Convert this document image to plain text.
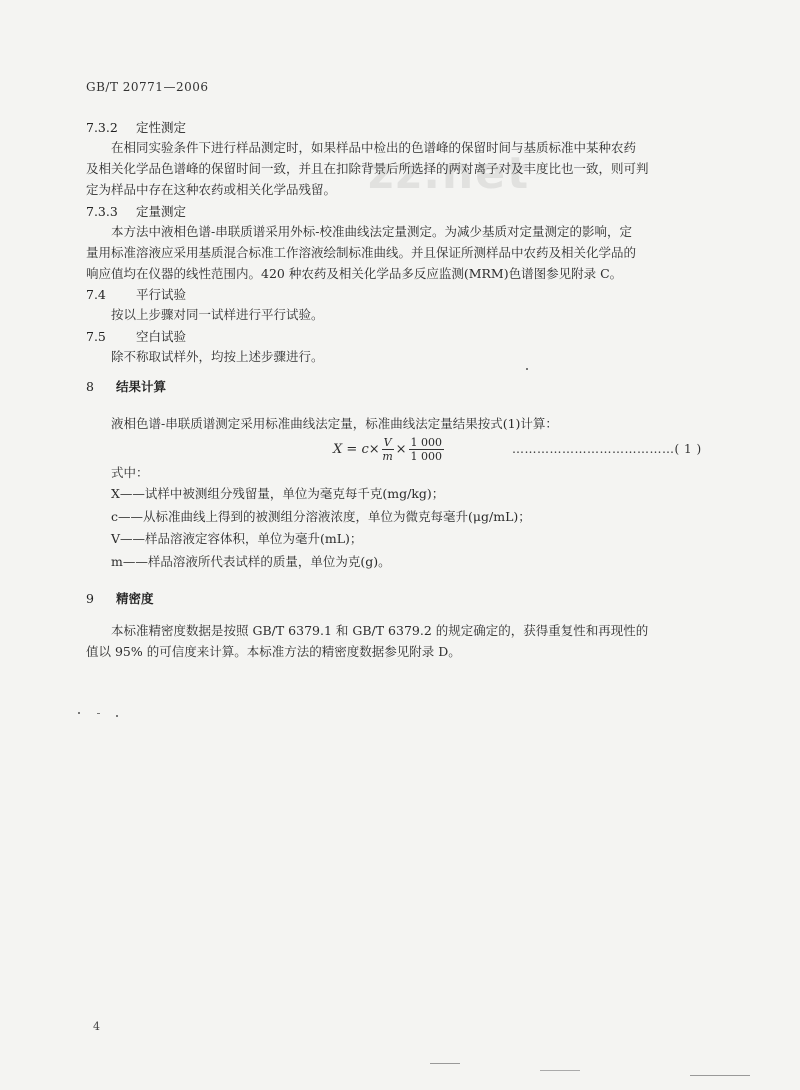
zz.net
GB/T 20771—2006
7.3.2 定性测定

在相同实验条件下进行样品测定时，如果样品中检出的色谱峰的保留时间与基质标准中某种农药

及相关化学品色谱峰的保留时间一致，并且在扣除背景后所选择的两对离子对及丰度比也一致，则可判

定为样品中存在这种农药或相关化学品残留。

7.3.3 定量测定

本方法中液相色谱-串联质谱采用外标-校准曲线法定量测定。为减少基质对定量测定的影响，定

量用标准溶液应采用基质混合标准工作溶液绘制标准曲线。并且保证所测样品中农药及相关化学品的

响应值均在仪器的线性范围内。420 种农药及相关化学品多反应监测(MRM)色谱图参见附录 C。

7.4 平行试验

按以上步骤对同一试样进行平行试验。

7.5 空白试验

除不称取试样外，均按上述步骤进行。

8 结果计算

液相色谱-串联质谱测定采用标准曲线法定量，标准曲线法定量结果按式(1)计算：

$X = c\times \frac{V}{m} \times \frac{1 000}{1 000}$	…………………………………( 1 )

式中：

X——试样中被测组分残留量，单位为毫克每千克(mg/kg)；

c——从标准曲线上得到的被测组分溶液浓度，单位为微克每毫升(μg/mL)；

V——样品溶液定容体积，单位为毫升(mL)；

m——样品溶液所代表试样的质量，单位为克(g)。

9 精密度

本标准精密度数据是按照 GB/T 6379.1 和 GB/T 6379.2 的规定确定的，获得重复性和再现性的

值以 95% 的可信度来计算。本标准方法的精密度数据参见附录 D。

4
